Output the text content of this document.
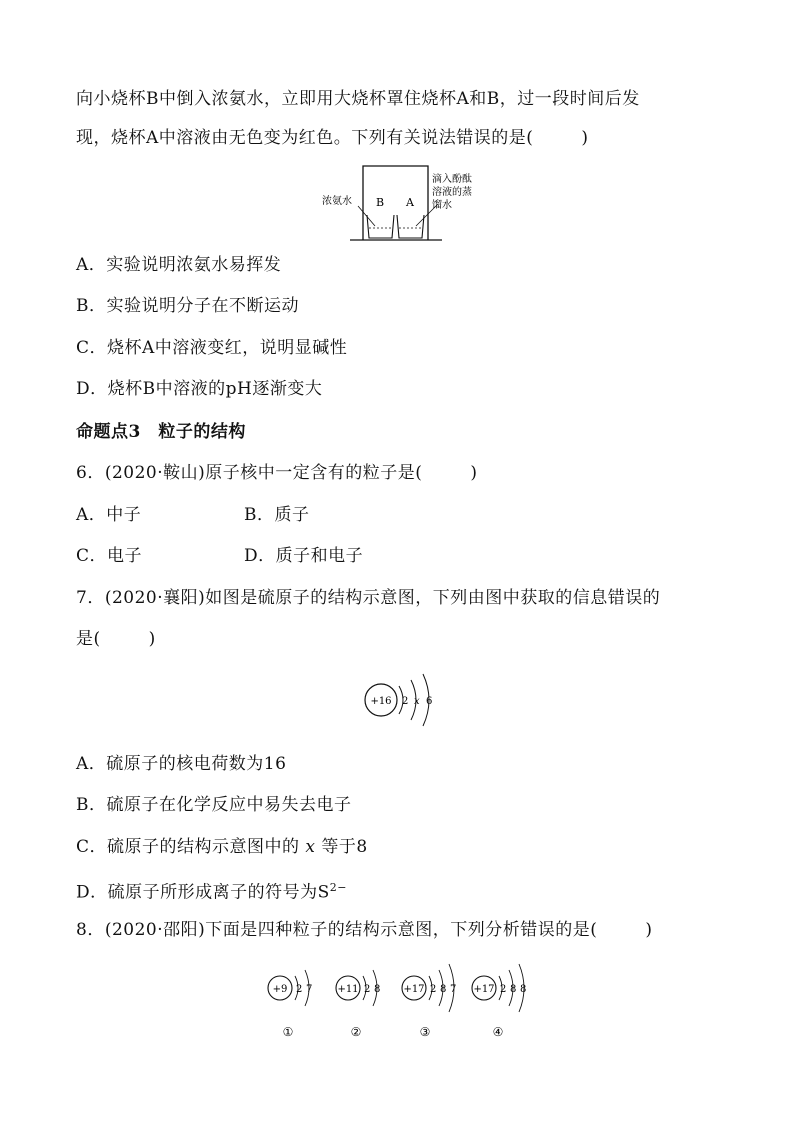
向小烧杯B中倒入浓氨水，立即用大烧杯罩住烧杯A和B，过一段时间后发
现，烧杯A中溶液由无色变为红色。下列有关说法错误的是(	)
浓氨水 B A
滴入酚酞
溶液的蒸
馏水
A．实验说明浓氨水易挥发
B．实验说明分子在不断运动
C．烧杯A中溶液变红，说明显碱性
D．烧杯B中溶液的pH逐渐变大
命题点3　粒子的结构
6．(2020·鞍山)原子核中一定含有的粒子是(	)
A．中子	B．质子
C．电子	D．质子和电子
7．(2020·襄阳)如图是硫原子的结构示意图，下列由图中获取的信息错误的
是(	)
+16 2 x 6
A．硫原子的核电荷数为16
B．硫原子在化学反应中易失去电子
C．硫原子的结构示意图中的 x 等于8
D．硫原子所形成离子的符号为$S^{2-}$
8．(2020·邵阳)下面是四种粒子的结构示意图，下列分析错误的是(	)
+9 2 7
①
+11 2 8
②
+17 2 8 7
③
+17 2 8 8
④
